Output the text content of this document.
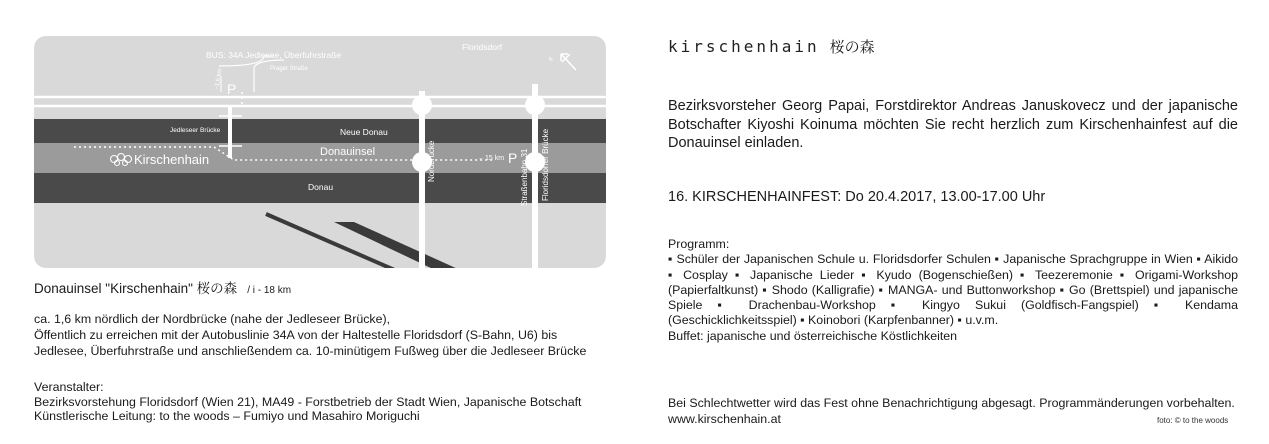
BUS: 34A Jedlesee, Überfuhrstraße
Prager Straße
Floridsdorf
~1,6 km P
Jedleseer Brücke	Neue Donau
Donauinsel
Kirschenhain	Nordbrücke	←15 km P Straßenbahn 31 Floridsdorfer Brücke
Donau
N
Donauinsel "Kirschenhain" 桜の森 / i - 18 km
ca. 1,6 km nördlich der Nordbrücke (nahe der Jedleseer Brücke),
Öffentlich zu erreichen mit der Autobuslinie 34A von der Haltestelle Floridsdorf (S-Bahn, U6) bis
Jedlesee, Überfuhrstraße und anschließendem ca. 10-minütigem Fußweg über die Jedleseer Brücke
Veranstalter:
Bezirksvorstehung Floridsdorf (Wien 21), MA49 - Forstbetrieb der Stadt Wien, Japanische Botschaft
Künstlerische Leitung: to the woods – Fumiyo und Masahiro Moriguchi
kirschenhain 桜の森
Bezirksvorsteher Georg Papai, Forstdirektor Andreas Januskovecz und der japanische Botschafter Kiyoshi Koinuma möchten Sie recht herzlich zum Kirschenhainfest auf die Donauinsel einladen.
16. KIRSCHENHAINFEST: Do 20.4.2017, 13.00-17.00 Uhr
Programm:
▪ Schüler der Japanischen Schule u. Floridsdorfer Schulen ▪ Japanische Sprachgruppe in Wien ▪ Aikido ▪ Cosplay ▪ Japanische Lieder ▪ Kyudo (Bogenschießen) ▪ Teezeremonie ▪ Origami-Workshop (Papierfaltkunst) ▪ Shodo (Kalligrafie) ▪ MANGA- und Buttonworkshop ▪ Go (Brettspiel) und japanische Spiele ▪ Drachenbau-Workshop ▪ Kingyo Sukui (Goldfisch-Fangspiel) ▪ Kendama (Geschicklichkeitsspiel) ▪ Koinobori (Karpfenbanner) ▪ u.v.m.
Buffet: japanische und österreichische Köstlichkeiten
Bei Schlechtwetter wird das Fest ohne Benachrichtigung abgesagt. Programmänderungen vorbehalten.
www.kirschenhain.at	foto: © to the woods
